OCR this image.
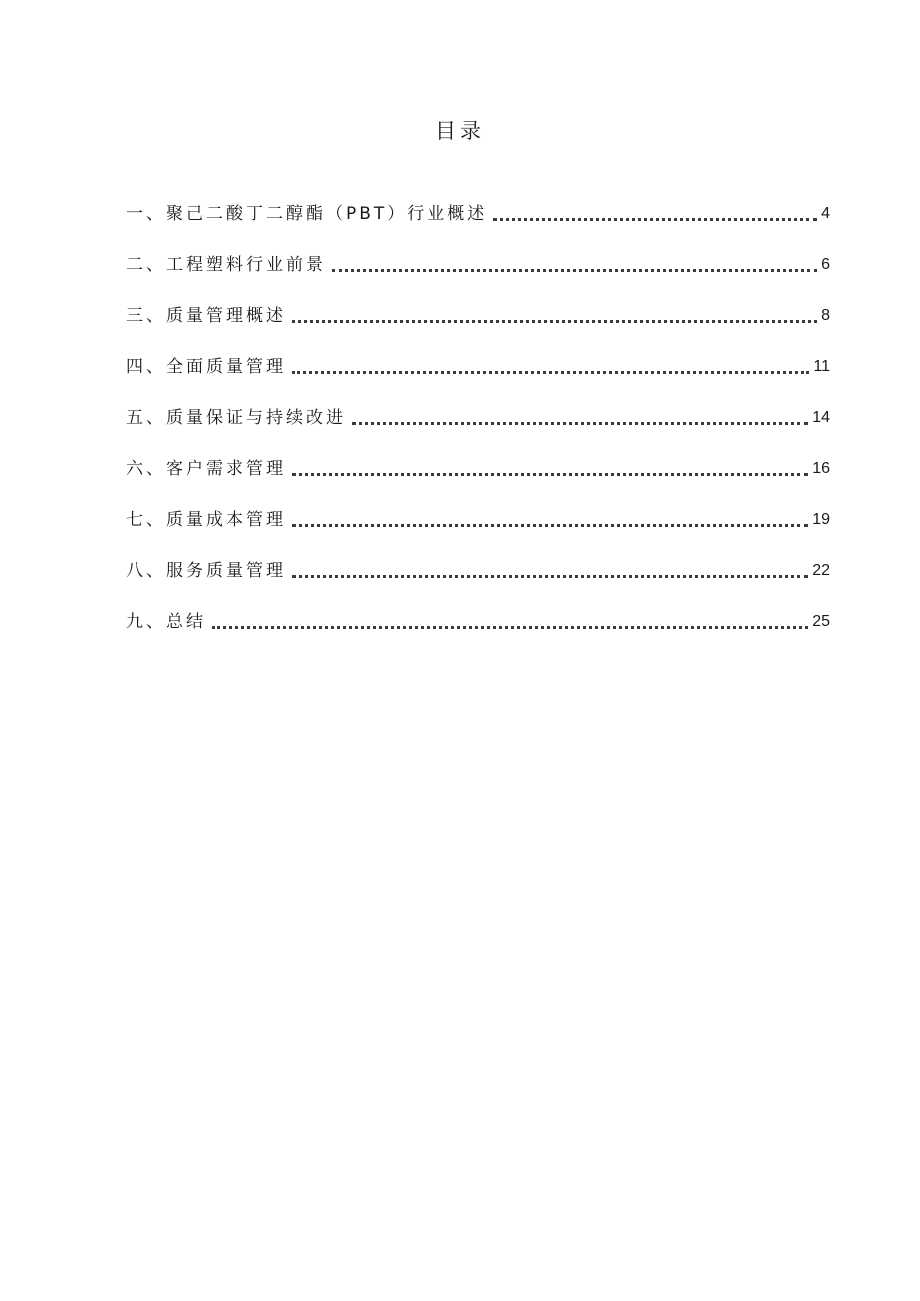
目录
一、聚己二酸丁二醇酯（PBT）行业概述	4
二、工程塑料行业前景	6
三、质量管理概述	8
四、全面质量管理	11
五、质量保证与持续改进	14
六、客户需求管理	16
七、质量成本管理	19
八、服务质量管理	22
九、总结	25
